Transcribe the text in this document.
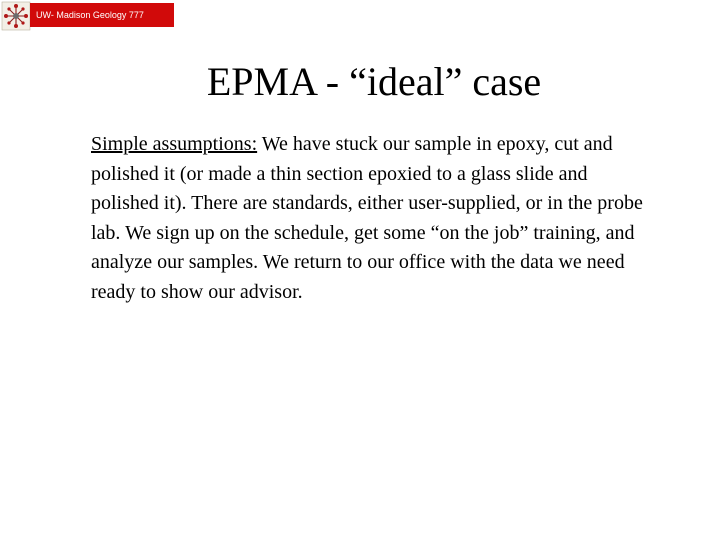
UW- Madison Geology 777
EPMA - “ideal” case

Simple assumptions: We have stuck our sample in epoxy, cut and polished it (or made a thin section epoxied to a glass slide and polished it). There are standards, either user-supplied, or in the probe lab. We sign up on the schedule, get some “on the job” training, and analyze our samples. We return to our office with the data we need ready to show our advisor.
